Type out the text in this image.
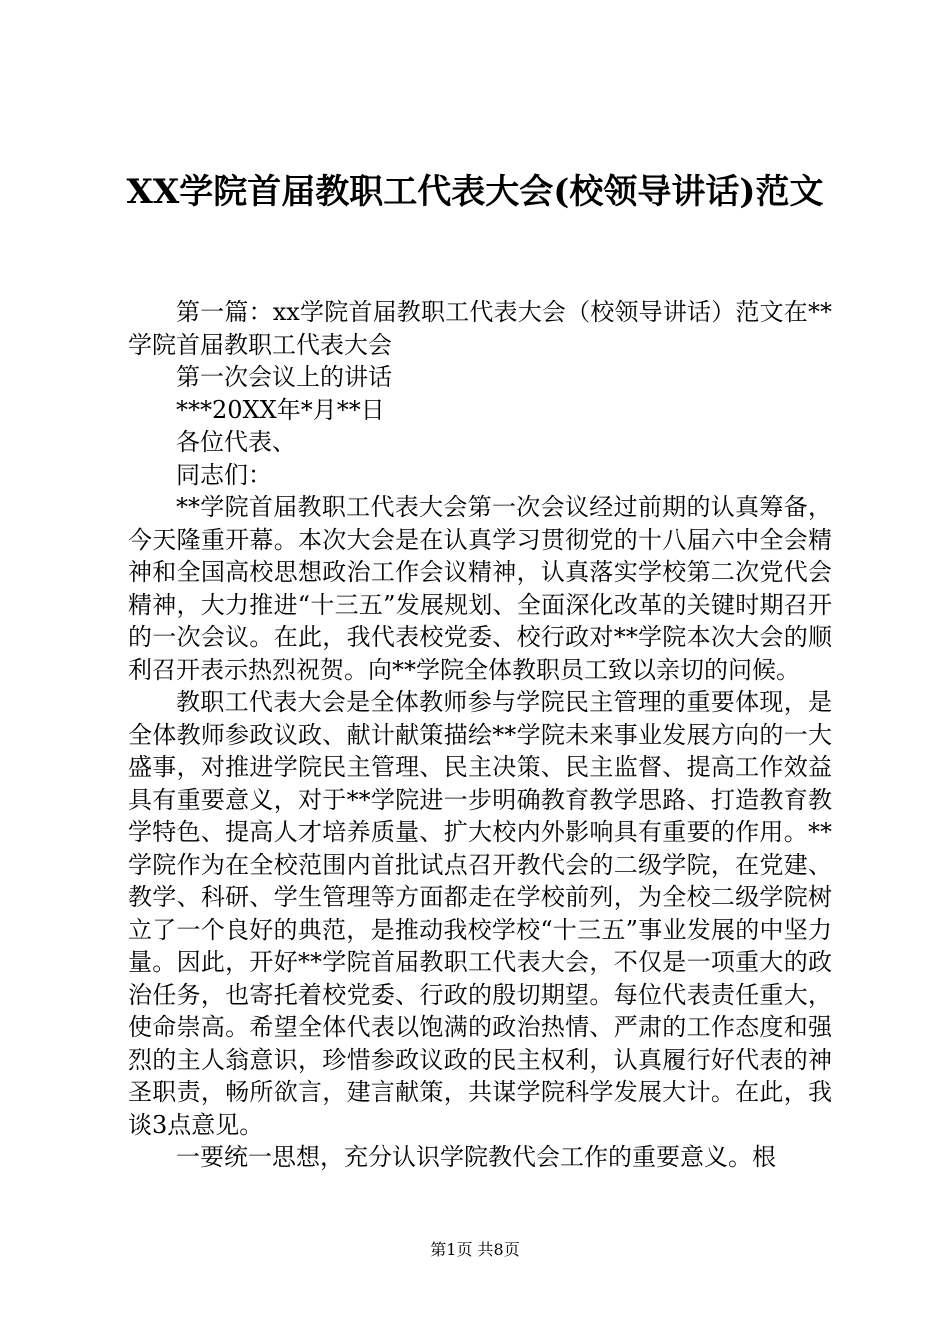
XX学院首届教职工代表大会(校领导讲话)范文

第一篇：xx学院首届教职工代表大会（校领导讲话）范文在**学院首届教职工代表大会

第一次会议上的讲话

***20XX年*月**日

各位代表、

同志们：

**学院首届教职工代表大会第一次会议经过前期的认真筹备，今天隆重开幕。本次大会是在认真学习贯彻党的十八届六中全会精神和全国高校思想政治工作会议精神，认真落实学校第二次党代会精神，大力推进“十三五”发展规划、全面深化改革的关键时期召开的一次会议。在此，我代表校党委、校行政对**学院本次大会的顺利召开表示热烈祝贺。向**学院全体教职员工致以亲切的问候。

教职工代表大会是全体教师参与学院民主管理的重要体现，是全体教师参政议政、献计献策描绘**学院未来事业发展方向的一大盛事，对推进学院民主管理、民主决策、民主监督、提高工作效益具有重要意义，对于**学院进一步明确教育教学思路、打造教育教学特色、提高人才培养质量、扩大校内外影响具有重要的作用。**学院作为在全校范围内首批试点召开教代会的二级学院，在党建、教学、科研、学生管理等方面都走在学校前列，为全校二级学院树立了一个良好的典范，是推动我校学校“十三五”事业发展的中坚力量。因此，开好**学院首届教职工代表大会，不仅是一项重大的政治任务，也寄托着校党委、行政的殷切期望。每位代表责任重大，使命崇高。希望全体代表以饱满的政治热情、严肃的工作态度和强烈的主人翁意识，珍惜参政议政的民主权利，认真履行好代表的神圣职责，畅所欲言，建言献策，共谋学院科学发展大计。在此，我谈3点意见。

一要统一思想，充分认识学院教代会工作的重要意义。根

第1页 共8页
